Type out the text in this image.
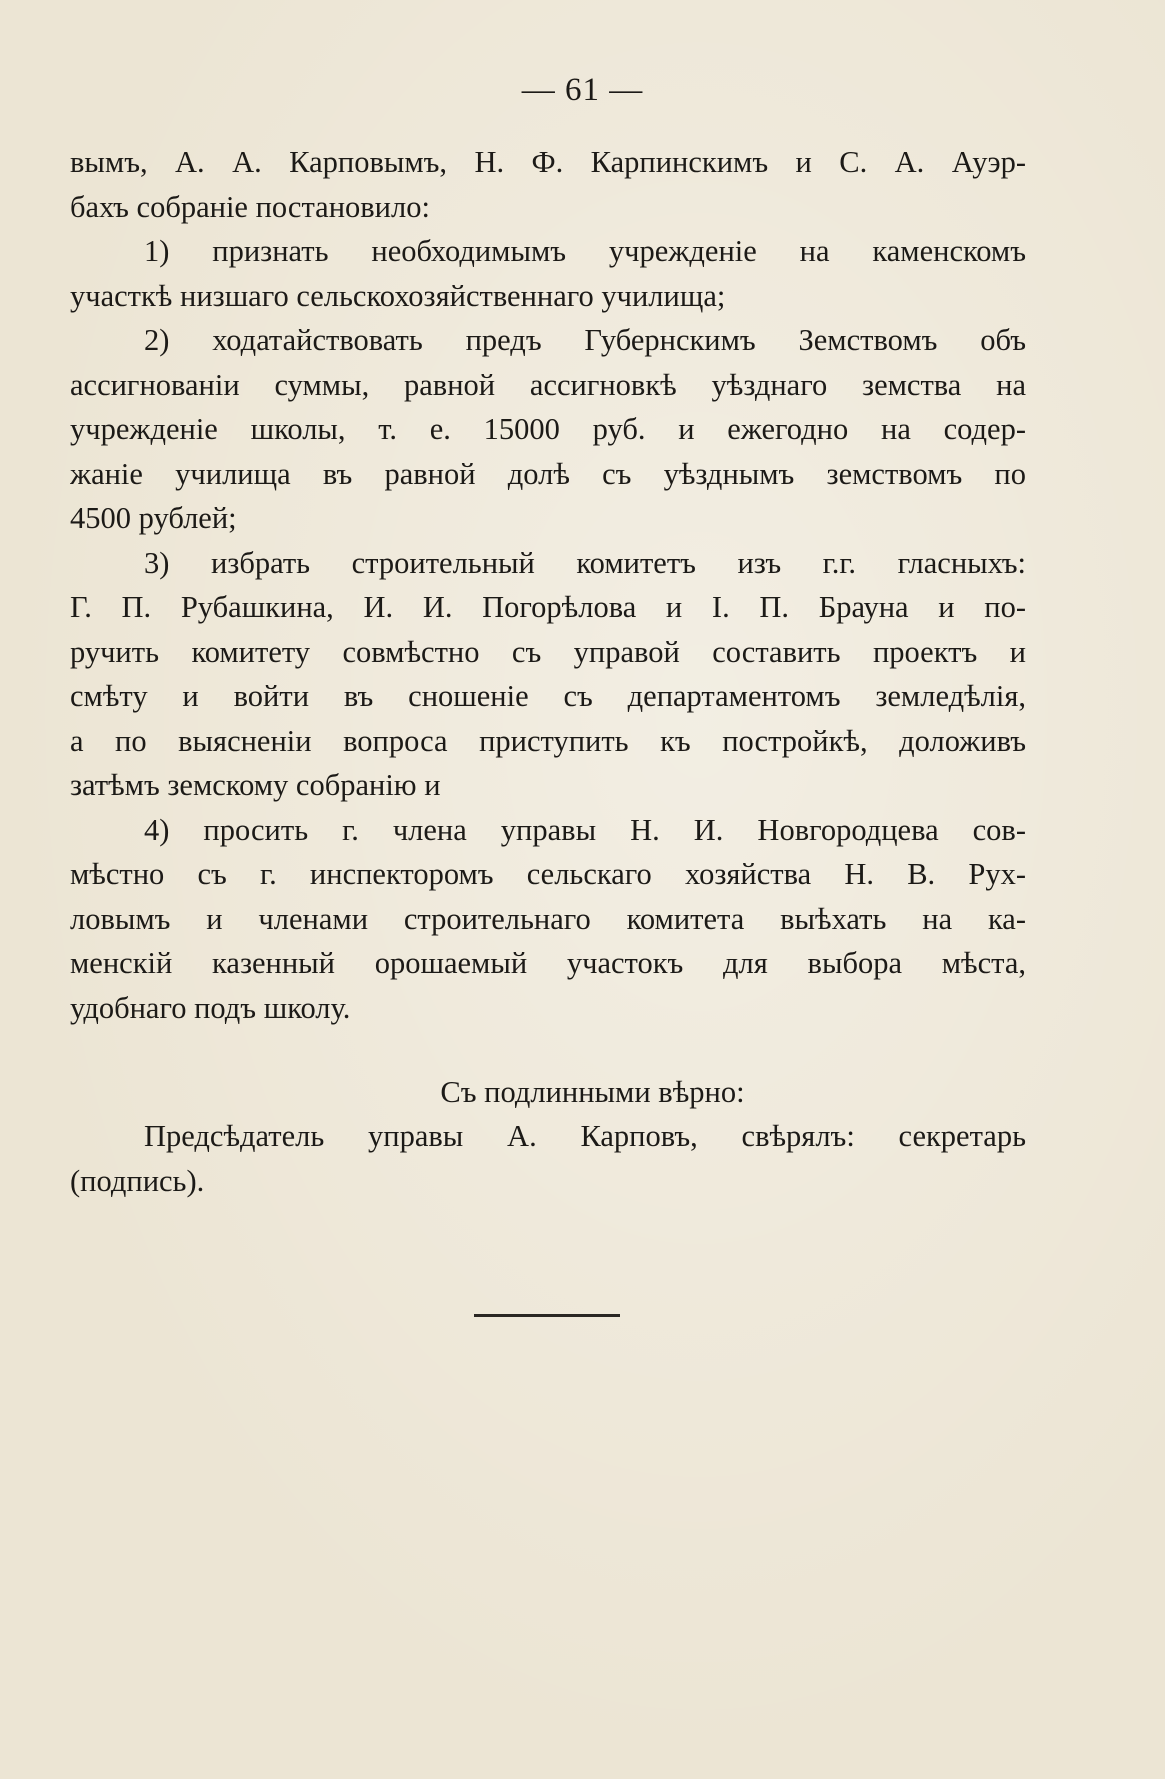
— 61 —
вымъ, А. А. Карповымъ, Н. Ф. Карпинскимъ и С. А. Ауэр-
бахъ собраніе постановило:
1) признать необходимымъ учрежденіе на каменскомъ
участкѣ низшаго сельскохозяйственнаго училища;
2) ходатайствовать предъ Губернскимъ Земствомъ объ
ассигнованіи суммы, равной ассигновкѣ уѣзднаго земства на
учрежденіе школы, т. е. 15000 руб. и ежегодно на содер-
жаніе училища въ равной долѣ съ уѣзднымъ земствомъ по
4500 рублей;
3) избрать строительный комитетъ изъ г.г. гласныхъ:
Г. П. Рубашкина, И. И. Погорѣлова и І. П. Брауна и по-
ручить комитету совмѣстно съ управой составить проектъ и
смѣту и войти въ сношеніе съ департаментомъ земледѣлія,
а по выясненіи вопроса приступить къ постройкѣ, доложивъ
затѣмъ земскому собранію и
4) просить г. члена управы Н. И. Новгородцева сов-
мѣстно съ г. инспекторомъ сельскаго хозяйства Н. В. Рух-
ловымъ и членами строительнаго комитета выѣхать на ка-
менскій казенный орошаемый участокъ для выбора мѣста,
удобнаго подъ школу.
Съ подлинными вѣрно:
Предсѣдатель управы А. Карповъ, свѣрялъ: секретарь
(подпись).
